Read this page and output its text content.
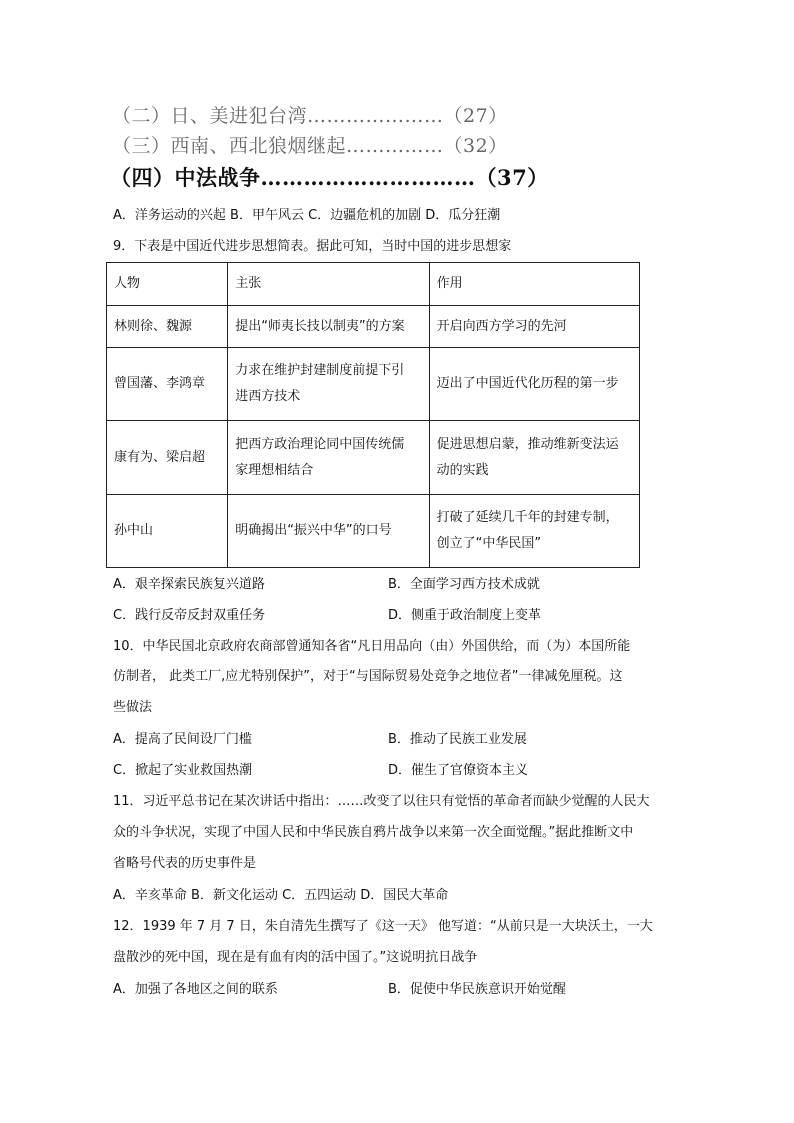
（二）日、美进犯台湾…………………（27）
（三）西南、西北狼烟继起……………（32）
（四）中法战争…………………………（37）
A．洋务运动的兴起 B．甲午风云 C．边疆危机的加剧 D．瓜分狂潮
9．下表是中国近代进步思想简表。据此可知，当时中国的进步思想家
人物	主张	作用
林则徐、魏源	提出“师夷长技以制夷”的方案	开启向西方学习的先河
曾国藩、李鸿章	力求在维护封建制度前提下引
进西方技术	迈出了中国近代化历程的第一步
康有为、梁启超	把西方政治理论同中国传统儒
家理想相结合	促进思想启蒙，推动维新变法运
动的实践
孙中山	明确揭出“振兴中华”的口号	打破了延续几千年的封建专制，
创立了“中华民国”
A．艰辛探索民族复兴道路	B．全面学习西方技术成就
C．践行反帝反封双重任务	D．侧重于政治制度上变革
10．中华民国北京政府农商部曾通知各省“凡日用品向（由）外国供给，而（为）本国所能
仿制者， 此类工厂,应尤特别保护”，对于“与国际贸易处竞争之地位者”一律减免厘税。这
些做法
A．提高了民间设厂门槛	B．推动了民族工业发展
C．掀起了实业救国热潮	D．催生了官僚资本主义
11．习近平总书记在某次讲话中指出：……改变了以往只有觉悟的革命者而缺少觉醒的人民大
众的斗争状况，实现了中国人民和中华民族自鸦片战争以来第一次全面觉醒。”据此推断文中
省略号代表的历史事件是
A．辛亥革命 B．新文化运动 C．五四运动 D．国民大革命
12．1939 年 7 月 7 日，朱自清先生撰写了《这一天》 他写道：“从前只是一大块沃土，一大
盘散沙的死中国，现在是有血有肉的活中国了。”这说明抗日战争
A．加强了各地区之间的联系	B．促使中华民族意识开始觉醒
